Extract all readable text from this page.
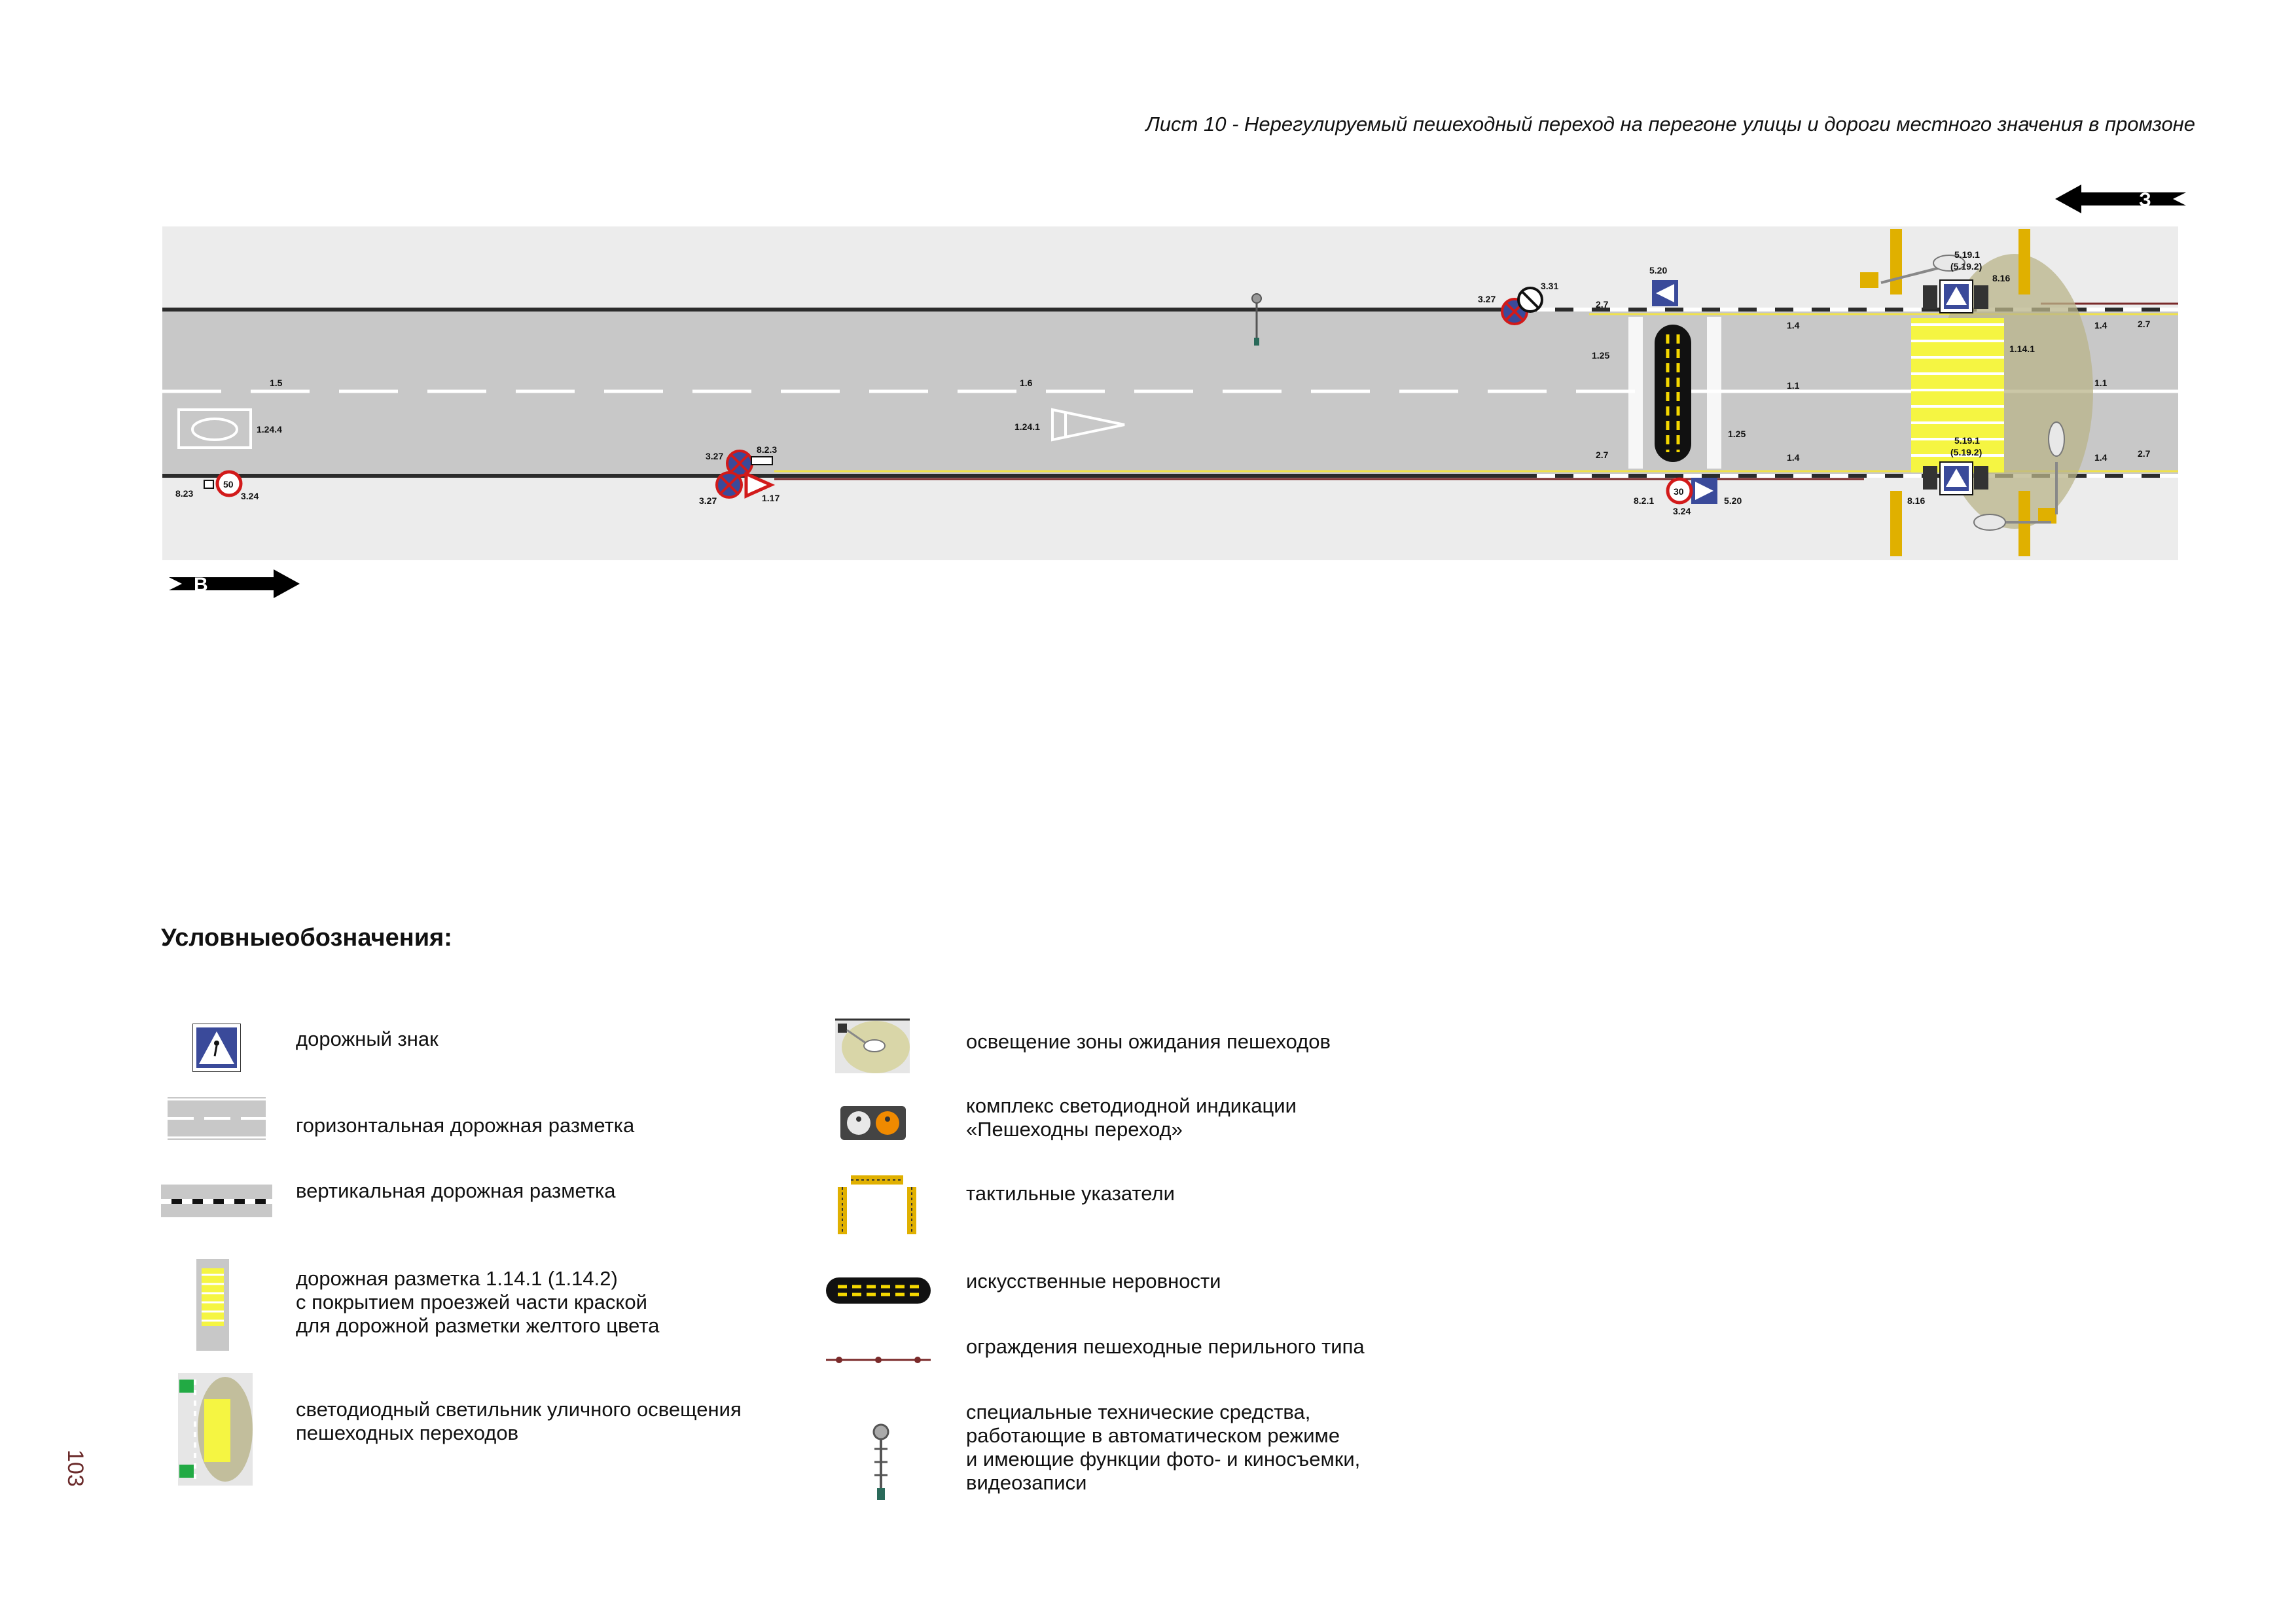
Лист 10 - Нерегулируемый пешеходный переход на перегоне улицы и дороги местного значения в промзоне
З
50
30
1.5	1.6
1.24.4	1.24.1
8.23	3.24
3.27
3.27
8.2.3
1.17
3.27
3.31
2.7
5.20
1.25
1.25
2.7
8.2.1
3.24
5.20
1.4
1.1
1.4
5.19.1
(5.19.2)
8.16
1.14.1
5.19.1
(5.19.2)
8.16
1.4	2.7
1.1
1.4	2.7
В
Условныеобозначения:
дорожный знак
горизонтальная дорожная разметка
вертикальная дорожная разметка
дорожная разметка 1.14.1 (1.14.2)
с покрытием проезжей части краской
для дорожной разметки желтого цвета
светодиодный светильник уличного освещения
пешеходных переходов
освещение зоны ожидания пешеходов
комплекс светодиодной индикации
«Пешеходны переход»
тактильные указатели
искусственные неровности
ограждения пешеходные перильного типа
специальные технические средства,
работающие в автоматическом режиме
и имеющие функции фото- и киносъемки,
видеозаписи
103
